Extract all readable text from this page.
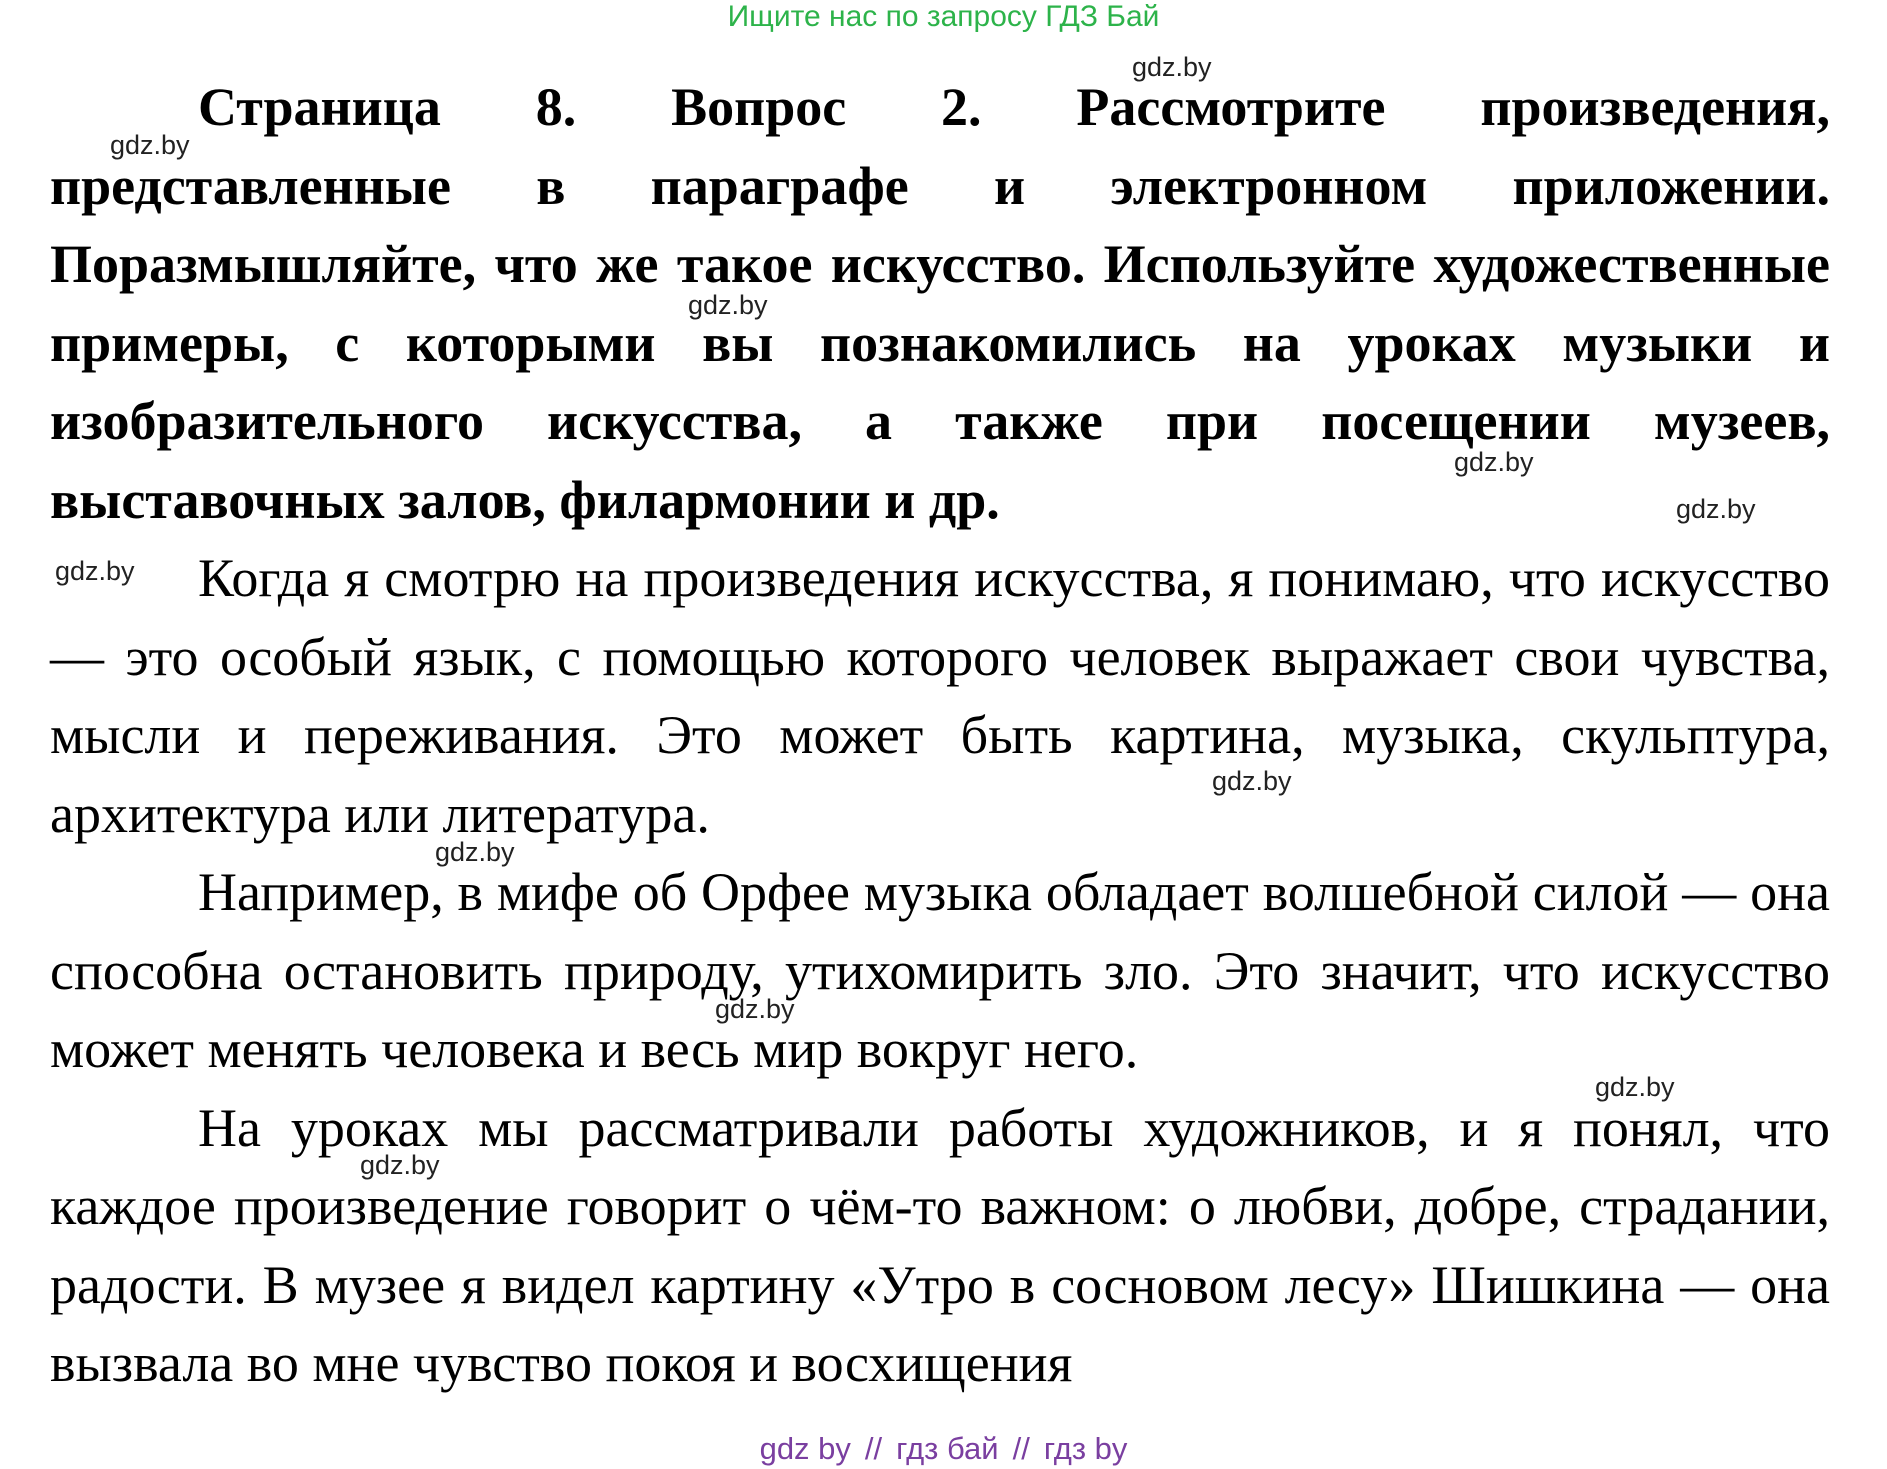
Ищите нас по запросу ГДЗ Бай

Страница 8. Вопрос 2. Рассмотрите произведения, представленные в параграфе и электронном приложении. Поразмышляйте, что же такое искусство. Используйте художественные примеры, с которыми вы познакомились на уроках музыки и изобразительного искусства, а также при посещении музеев, выставочных залов, филармонии и др.

Когда я смотрю на произведения искусства, я понимаю, что искусство — это особый язык, с помощью которого человек выражает свои чувства, мысли и переживания. Это может быть картина, музыка, скульптура, архитектура или литература.

Например, в мифе об Орфее музыка обладает волшебной силой — она способна остановить природу, утихомирить зло. Это значит, что искусство может менять человека и весь мир вокруг него.

На уроках мы рассматривали работы художников, и я понял, что каждое произведение говорит о чём-то важном: о любви, добре, страдании, радости. В музее я видел картину «Утро в сосновом лесу» Шишкина — она вызвала во мне чувство покоя и восхищения

gdz.by
gdz.by
gdz.by
gdz.by
gdz.by
gdz.by
gdz.by
gdz.by
gdz.by
gdz.by
gdz.by
gdz by // гдз бай // гдз by
